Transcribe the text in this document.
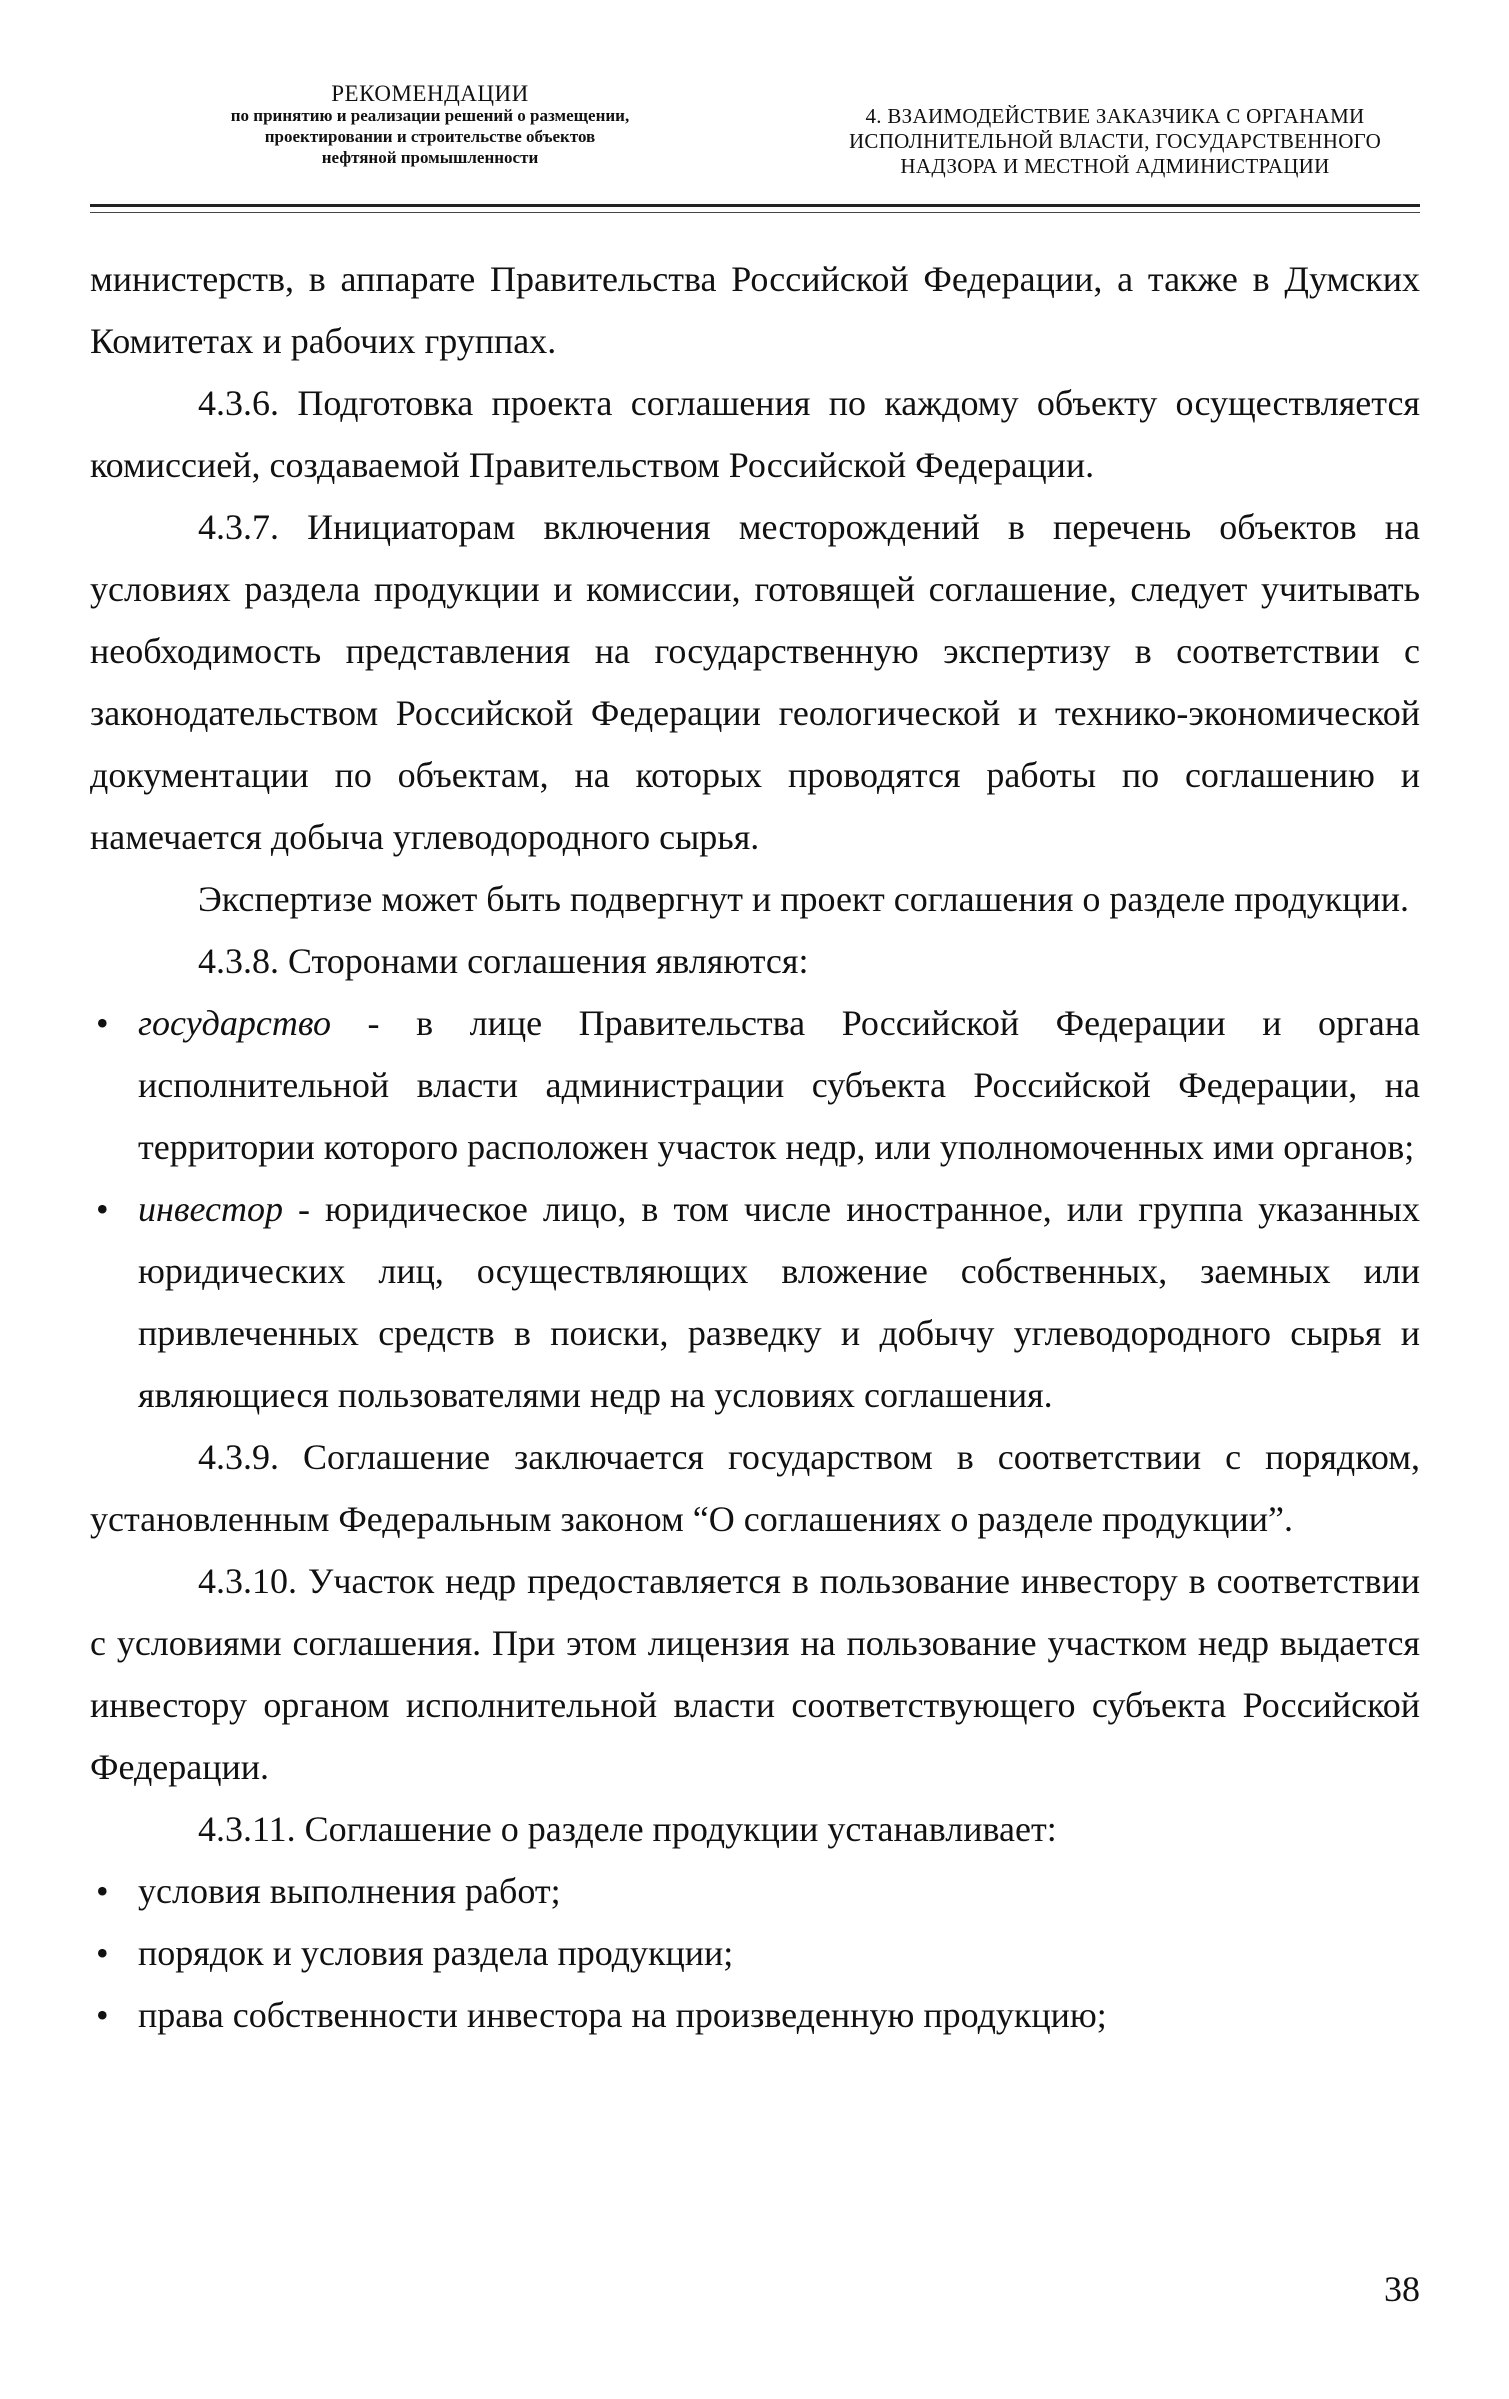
РЕКОМЕНДАЦИИ
по принятию и реализации решений о размещении,
проектировании и строительстве объектов
нефтяной промышленности
4. ВЗАИМОДЕЙСТВИЕ ЗАКАЗЧИКА С ОРГАНАМИ
ИСПОЛНИТЕЛЬНОЙ ВЛАСТИ, ГОСУДАРСТВЕННОГО
НАДЗОРА И МЕСТНОЙ АДМИНИСТРАЦИИ

министерств, в аппарате Правительства Российской Федерации, а также в Думских Комитетах и рабочих группах.

4.3.6. Подготовка проекта соглашения по каждому объекту осуществляется комиссией, создаваемой Правительством Российской Федерации.

4.3.7. Инициаторам включения месторождений в перечень объектов на условиях раздела продукции и комиссии, готовящей соглашение, следует учитывать необходимость представления на государственную экспертизу в соответствии с законодательством Российской Федерации геологической и технико-экономической документации по объектам, на которых проводятся работы по соглашению и намечается добыча углеводородного сырья.

Экспертизе может быть подвергнут и проект соглашения о разделе продукции.

4.3.8. Сторонами соглашения являются:

• государство - в лице Правительства Российской Федерации и органа исполнительной власти администрации субъекта Российской Федерации, на территории которого расположен участок недр, или уполномоченных ими органов;
• инвестор - юридическое лицо, в том числе иностранное, или группа указанных юридических лиц, осуществляющих вложение собственных, заемных или привлеченных средств в поиски, разведку и добычу углеводородного сырья и являющиеся пользователями недр на условиях соглашения.

4.3.9. Соглашение заключается государством в соответствии с порядком, установленным Федеральным законом “О соглашениях о разделе продукции”.

4.3.10. Участок недр предоставляется в пользование инвестору в соответствии с условиями соглашения. При этом лицензия на пользование участком недр выдается инвестору органом исполнительной власти соответствующего субъекта Российской Федерации.

4.3.11. Соглашение о разделе продукции устанавливает:

• условия выполнения работ;
• порядок и условия раздела продукции;
• права собственности инвестора на произведенную продукцию;
38
